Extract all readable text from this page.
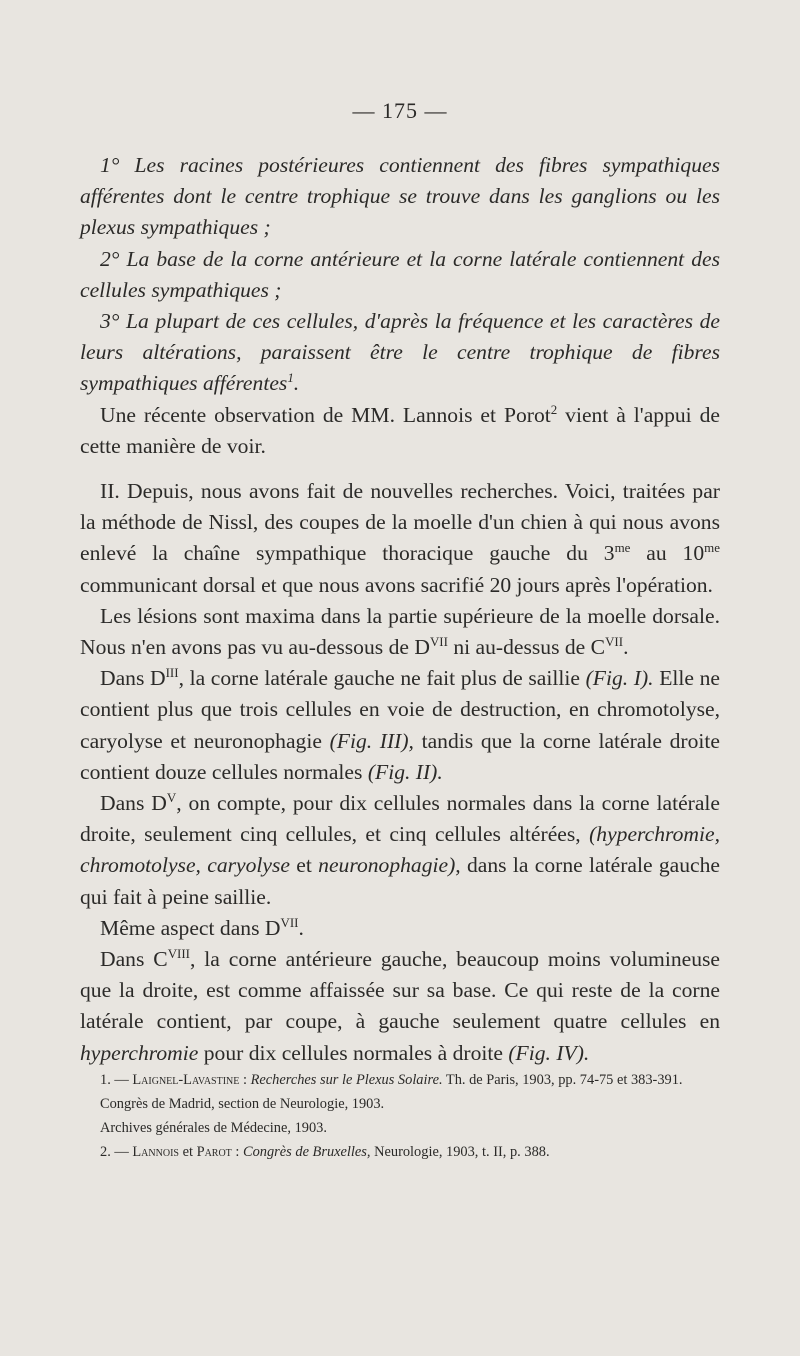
— 175 —

1° Les racines postérieures contiennent des fibres sympathiques afférentes dont le centre trophique se trouve dans les ganglions ou les plexus sympathiques ;

2° La base de la corne antérieure et la corne latérale contiennent des cellules sympathiques ;

3° La plupart de ces cellules, d'après la fréquence et les caractères de leurs altérations, paraissent être le centre trophique de fibres sympathiques afférentes$^1$.

Une récente observation de MM. Lannois et Porot$^2$ vient à l'appui de cette manière de voir.

II. Depuis, nous avons fait de nouvelles recherches. Voici, traitées par la méthode de Nissl, des coupes de la moelle d'un chien à qui nous avons enlevé la chaîne sympathique thoracique gauche du $3^{me}$ au $10^{me}$ communicant dorsal et que nous avons sacrifié 20 jours après l'opération.

Les lésions sont maxima dans la partie supérieure de la moelle dorsale. Nous n'en avons pas vu au-dessous de $D^{VII}$ ni au-dessus de $C^{VII}$.

Dans $D^{III}$, la corne latérale gauche ne fait plus de saillie (Fig. I). Elle ne contient plus que trois cellules en voie de destruction, en chromotolyse, caryolyse et neuronophagie (Fig. III), tandis que la corne latérale droite contient douze cellules normales (Fig. II).

Dans $D^V$, on compte, pour dix cellules normales dans la corne latérale droite, seulement cinq cellules, et cinq cellules altérées, (hyperchromie, chromotolyse, caryolyse et neuronophagie), dans la corne latérale gauche qui fait à peine saillie.

Même aspect dans $D^{VII}$.

Dans $C^{VIII}$, la corne antérieure gauche, beaucoup moins volumineuse que la droite, est comme affaissée sur sa base. Ce qui reste de la corne latérale contient, par coupe, à gauche seulement quatre cellules en hyperchromie pour dix cellules normales à droite (Fig. IV).

1. — Laignel-Lavastine : Recherches sur le Plexus Solaire. Th. de Paris, 1903, pp. 74-75 et 383-391.

Congrès de Madrid, section de Neurologie, 1903.

Archives générales de Médecine, 1903.

2. — Lannois et Parot : Congrès de Bruxelles, Neurologie, 1903, t. II, p. 388.
